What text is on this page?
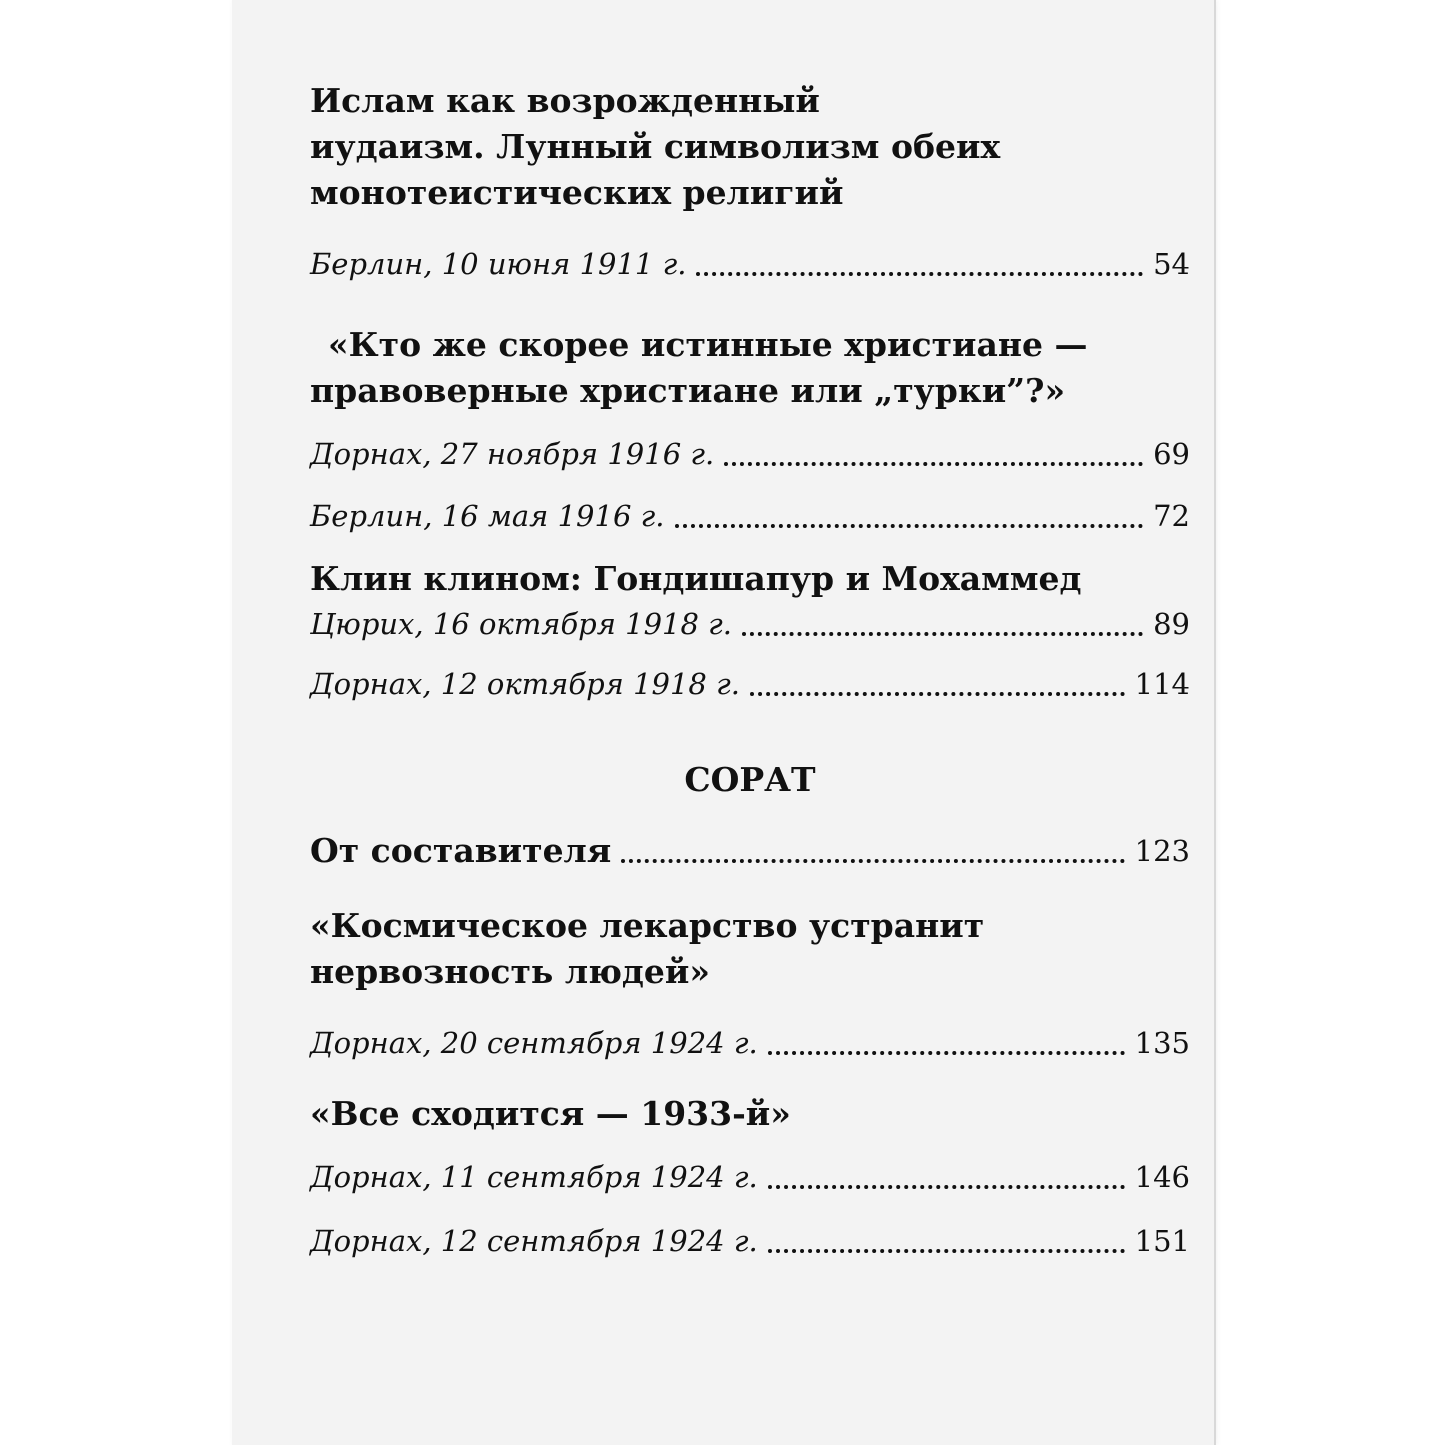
Ислам как возрожденный

иудаизм. Лунный символизм обеих

монотеистических религий

Берлин, 10 июня 1911 г.	54

«Кто же скорее истинные христиане —

правоверные христиане или „турки”?»

Дорнах, 27 ноября 1916 г.	69
Берлин, 16 мая 1916 г.	72

Клин клином: Гондишапур и Мохаммед

Цюрих, 16 октября 1918 г.	89
Дорнах, 12 октября 1918 г.	114

СОРАТ

От составителя	123

«Космическое лекарство устранит

нервозность людей»

Дорнах, 20 сентября 1924 г.	135

«Все сходится — 1933-й»

Дорнах, 11 сентября 1924 г.	146
Дорнах, 12 сентября 1924 г.	151
